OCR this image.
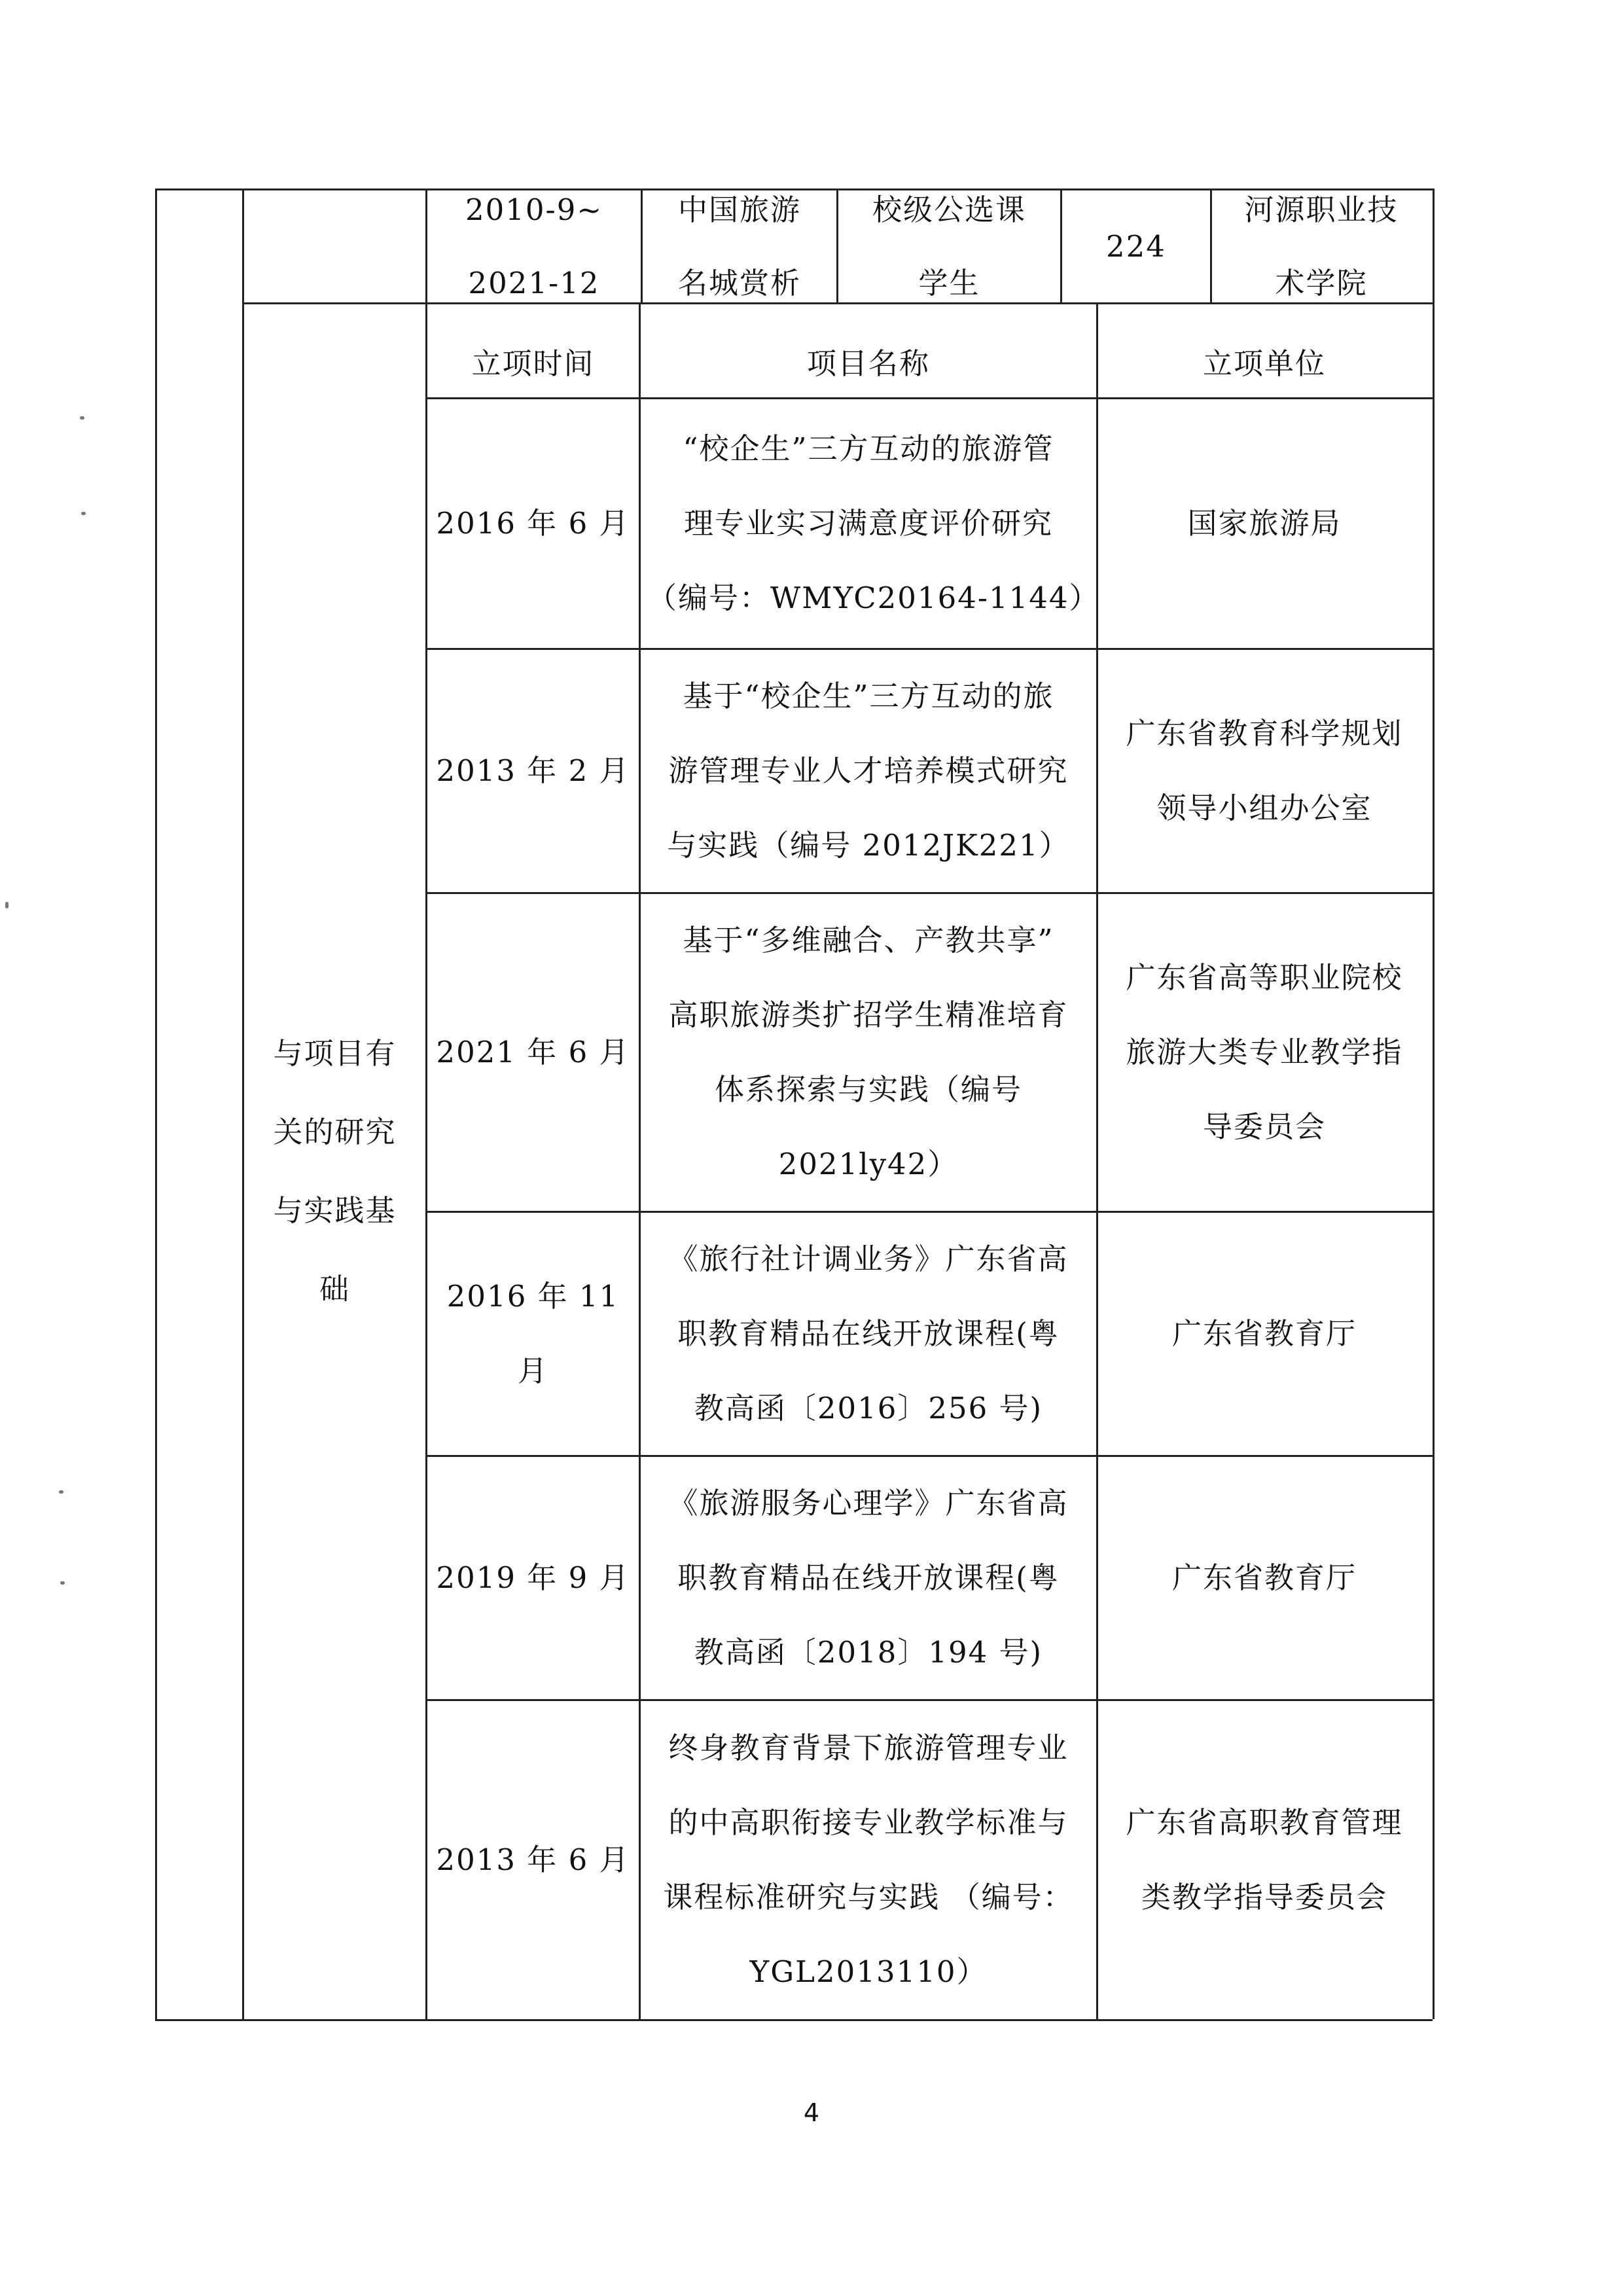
2010-9~
2021-12
中国旅游
名城赏析
校级公选课
学生
224
河源职业技
术学院
与项目有
关的研究
与实践基
础
立项时间	项目名称	立项单位
2016 年 6 月
“校企生”三方互动的旅游管
理专业实习满意度评价研究
（编号：WMYC20164-1144）
国家旅游局
2013 年 2 月
基于“校企生”三方互动的旅
游管理专业人才培养模式研究
与实践（编号 2012JK221）
广东省教育科学规划
领导小组办公室
2021 年 6 月
基于“多维融合、产教共享”
高职旅游类扩招学生精准培育
体系探索与实践（编号
2021ly42）
广东省高等职业院校
旅游大类专业教学指
导委员会
2016 年 11 月
《旅行社计调业务》广东省高
职教育精品在线开放课程(粤
教高函〔2016〕256 号)
广东省教育厅
2019 年 9 月
《旅游服务心理学》广东省高
职教育精品在线开放课程(粤
教高函〔2018〕194 号)
广东省教育厅
2013 年 6 月
终身教育背景下旅游管理专业
的中高职衔接专业教学标准与
课程标准研究与实践 （编号：
YGL2013110）
广东省高职教育管理
类教学指导委员会
4
